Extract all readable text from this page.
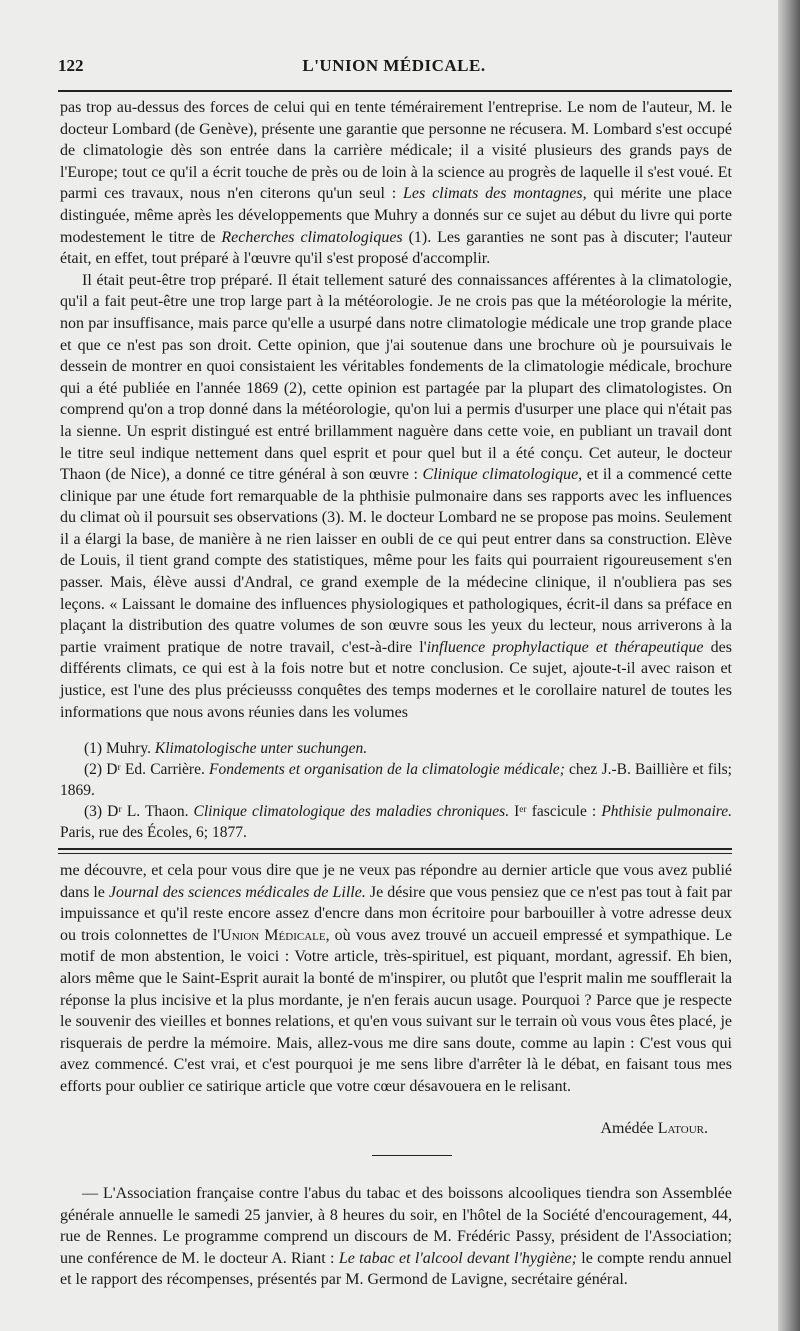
122	L'UNION MÉDICALE.

pas trop au-dessus des forces de celui qui en tente témérairement l'entreprise. Le nom de l'auteur, M. le docteur Lombard (de Genève), présente une garantie que personne ne récusera. M. Lombard s'est occupé de climatologie dès son entrée dans la carrière médicale; il a visité plusieurs des grands pays de l'Europe; tout ce qu'il a écrit touche de près ou de loin à la science au progrès de laquelle il s'est voué. Et parmi ces travaux, nous n'en citerons qu'un seul : Les climats des montagnes, qui mérite une place distinguée, même après les développements que Muhry a donnés sur ce sujet au début du livre qui porte modestement le titre de Recherches climatologiques (1). Les garanties ne sont pas à discuter; l'auteur était, en effet, tout préparé à l'œuvre qu'il s'est proposé d'accomplir.

Il était peut-être trop préparé. Il était tellement saturé des connaissances afférentes à la climatologie, qu'il a fait peut-être une trop large part à la météorologie. Je ne crois pas que la météorologie la mérite, non par insuffisance, mais parce qu'elle a usurpé dans notre climatologie médicale une trop grande place et que ce n'est pas son droit. Cette opinion, que j'ai soutenue dans une brochure où je poursuivais le dessein de montrer en quoi consistaient les véritables fondements de la climatologie médicale, brochure qui a été publiée en l'année 1869 (2), cette opinion est partagée par la plupart des climatologistes. On comprend qu'on a trop donné dans la météorologie, qu'on lui a permis d'usurper une place qui n'était pas la sienne. Un esprit distingué est entré brillamment naguère dans cette voie, en publiant un travail dont le titre seul indique nettement dans quel esprit et pour quel but il a été conçu. Cet auteur, le docteur Thaon (de Nice), a donné ce titre général à son œuvre : Clinique climatologique, et il a commencé cette clinique par une étude fort remarquable de la phthisie pulmonaire dans ses rapports avec les influences du climat où il poursuit ses observations (3). M. le docteur Lombard ne se propose pas moins. Seulement il a élargi la base, de manière à ne rien laisser en oubli de ce qui peut entrer dans sa construction. Elève de Louis, il tient grand compte des statistiques, même pour les faits qui pourraient rigoureusement s'en passer. Mais, élève aussi d'Andral, ce grand exemple de la médecine clinique, il n'oubliera pas ses leçons. « Laissant le domaine des influences physiologiques et pathologiques, écrit-il dans sa préface en plaçant la distribution des quatre volumes de son œuvre sous les yeux du lecteur, nous arriverons à la partie vraiment pratique de notre travail, c'est-à-dire l'influence prophylactique et thérapeutique des différents climats, ce qui est à la fois notre but et notre conclusion. Ce sujet, ajoute-t-il avec raison et justice, est l'une des plus précieusss conquêtes des temps modernes et le corollaire naturel de toutes les informations que nous avons réunies dans les volumes

(1) Muhry. Klimatologische unter suchungen.

(2) Dʳ Ed. Carrière. Fondements et organisation de la climatologie médicale; chez J.-B. Baillière et fils; 1869.

(3) Dʳ L. Thaon. Clinique climatologique des maladies chroniques. Iᵉʳ fascicule : Phthisie pulmonaire. Paris, rue des Écoles, 6; 1877.

me découvre, et cela pour vous dire que je ne veux pas répondre au dernier article que vous avez publié dans le Journal des sciences médicales de Lille. Je désire que vous pensiez que ce n'est pas tout à fait par impuissance et qu'il reste encore assez d'encre dans mon écritoire pour barbouiller à votre adresse deux ou trois colonnettes de l'Union Médicale, où vous avez trouvé un accueil empressé et sympathique. Le motif de mon abstention, le voici : Votre article, très-spirituel, est piquant, mordant, agressif. Eh bien, alors même que le Saint-Esprit aurait la bonté de m'inspirer, ou plutôt que l'esprit malin me soufflerait la réponse la plus incisive et la plus mordante, je n'en ferais aucun usage. Pourquoi ? Parce que je respecte le souvenir des vieilles et bonnes relations, et qu'en vous suivant sur le terrain où vous vous êtes placé, je risquerais de perdre la mémoire. Mais, allez-vous me dire sans doute, comme au lapin : C'est vous qui avez commencé. C'est vrai, et c'est pourquoi je me sens libre d'arrêter là le débat, en faisant tous mes efforts pour oublier ce satirique article que votre cœur désavouera en le relisant.

Amédée Latour.

— L'Association française contre l'abus du tabac et des boissons alcooliques tiendra son Assemblée générale annuelle le samedi 25 janvier, à 8 heures du soir, en l'hôtel de la Société d'encouragement, 44, rue de Rennes. Le programme comprend un discours de M. Frédéric Passy, président de l'Association; une conférence de M. le docteur A. Riant : Le tabac et l'alcool devant l'hygiène; le compte rendu annuel et le rapport des récompenses, présentés par M. Germond de Lavigne, secrétaire général.
